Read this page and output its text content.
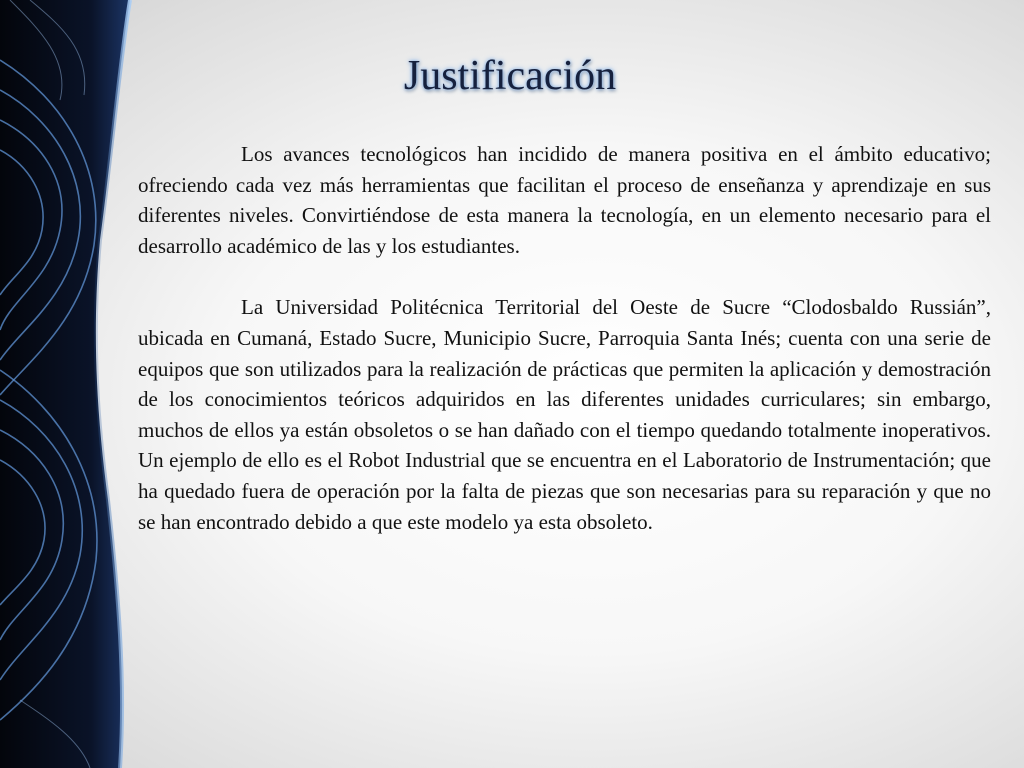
Justificación

Los avances tecnológicos han incidido de manera positiva en el ámbito educativo; ofreciendo cada vez más herramientas que facilitan el proceso de enseñanza y aprendizaje en sus diferentes niveles. Convirtiéndose de esta manera la tecnología, en un elemento necesario para el desarrollo académico de las y los estudiantes.

La Universidad Politécnica Territorial del Oeste de Sucre “Clodosbaldo Russián”, ubicada en Cumaná, Estado Sucre, Municipio Sucre, Parroquia Santa Inés; cuenta con una serie de equipos que son utilizados para la realización de prácticas que permiten la aplicación y demostración de los conocimientos teóricos adquiridos en las diferentes unidades curriculares; sin embargo, muchos de ellos ya están obsoletos o se han dañado con el tiempo quedando totalmente inoperativos. Un ejemplo de ello es el Robot Industrial que se encuentra en el Laboratorio de Instrumentación; que ha quedado fuera de operación por la falta de piezas que son necesarias para su reparación y que no se han encontrado debido a que este modelo ya esta obsoleto.
